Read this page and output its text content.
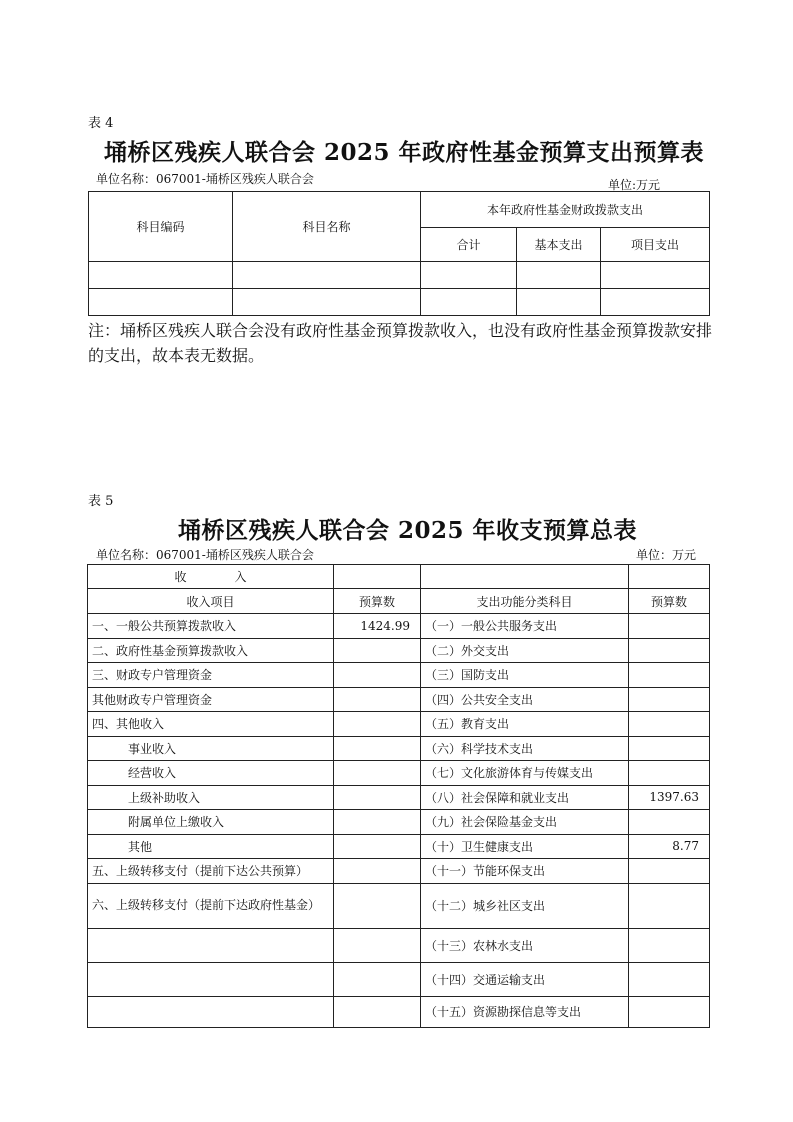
表 4
埇桥区残疾人联合会 2025 年政府性基金预算支出预算表
单位名称：067001-埇桥区残疾人联合会	单位:万元
科目编码	科目名称	本年政府性基金财政拨款支出		
		合计	基本支出	项目支出

注：埇桥区残疾人联合会没有政府性基金预算拨款收入，也没有政府性基金预算拨款安排的支出，故本表无数据。
表 5
埇桥区残疾人联合会 2025 年收支预算总表
单位名称：067001-埇桥区残疾人联合会	单位：万元
收　　　　入			
收入项目	预算数	支出功能分类科目	预算数
一、一般公共预算拨款收入	1424.99	（一）一般公共服务支出	
二、政府性基金预算拨款收入		（二）外交支出	
三、财政专户管理资金		（三）国防支出	
其他财政专户管理资金		（四）公共安全支出	
四、其他收入		（五）教育支出	
事业收入		（六）科学技术支出	
经营收入		（七）文化旅游体育与传媒支出	
上级补助收入		（八）社会保障和就业支出	1397.63
附属单位上缴收入		（九）社会保险基金支出	
其他		（十）卫生健康支出	8.77
五、上级转移支付（提前下达公共预算）		（十一）节能环保支出	
六、上级转移支付（提前下达政府性基金）		（十二）城乡社区支出	
		（十三）农林水支出	
		（十四）交通运输支出	
		（十五）资源勘探信息等支出	
